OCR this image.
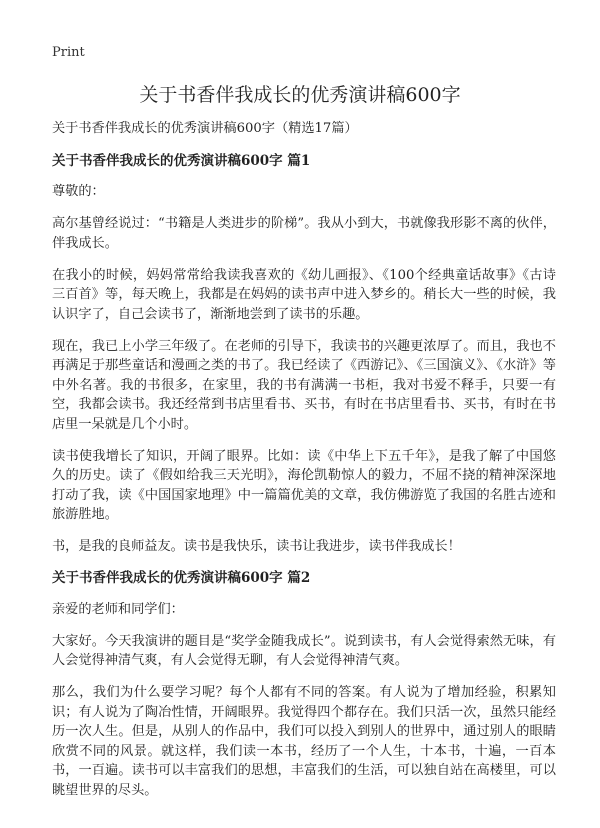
Print
关于书香伴我成长的优秀演讲稿600字

关于书香伴我成长的优秀演讲稿600字（精选17篇）

关于书香伴我成长的优秀演讲稿600字 篇1

尊敬的：

高尔基曾经说过：“书籍是人类进步的阶梯”。我从小到大，书就像我形影不离的伙伴，伴我成长。

在我小的时候，妈妈常常给我读我喜欢的《幼儿画报》、《100个经典童话故事》《古诗三百首》等，每天晚上，我都是在妈妈的读书声中进入梦乡的。稍长大一些的时候，我认识字了，自己会读书了，渐渐地尝到了读书的乐趣。

现在，我已上小学三年级了。在老师的引导下，我读书的兴趣更浓厚了。而且，我也不再满足于那些童话和漫画之类的书了。我已经读了《西游记》、《三国演义》、《水浒》等中外名著。我的书很多，在家里，我的书有满满一书柜，我对书爱不释手，只要一有空，我都会读书。我还经常到书店里看书、买书，有时在书店里看书、买书，有时在书店里一呆就是几个小时。

读书使我增长了知识，开阔了眼界。比如：读《中华上下五千年》，是我了解了中国悠久的历史。读了《假如给我三天光明》，海伦凯勒惊人的毅力，不屈不挠的精神深深地打动了我，读《中国国家地理》中一篇篇优美的文章，我仿佛游览了我国的名胜古迹和旅游胜地。

书，是我的良师益友。读书是我快乐，读书让我进步，读书伴我成长！

关于书香伴我成长的优秀演讲稿600字 篇2

亲爱的老师和同学们：

大家好。今天我演讲的题目是“奖学金随我成长”。说到读书，有人会觉得索然无味，有人会觉得神清气爽，有人会觉得无聊，有人会觉得神清气爽。

那么，我们为什么要学习呢？每个人都有不同的答案。有人说为了增加经验，积累知识；有人说为了陶冶性情，开阔眼界。我觉得四个都存在。我们只活一次，虽然只能经历一次人生。但是，从别人的作品中，我们可以投入到别人的世界中，通过别人的眼睛欣赏不同的风景。就这样，我们读一本书，经历了一个人生，十本书，十遍，一百本书，一百遍。读书可以丰富我们的思想，丰富我们的生活，可以独自站在高楼里，可以眺望世界的尽头。
